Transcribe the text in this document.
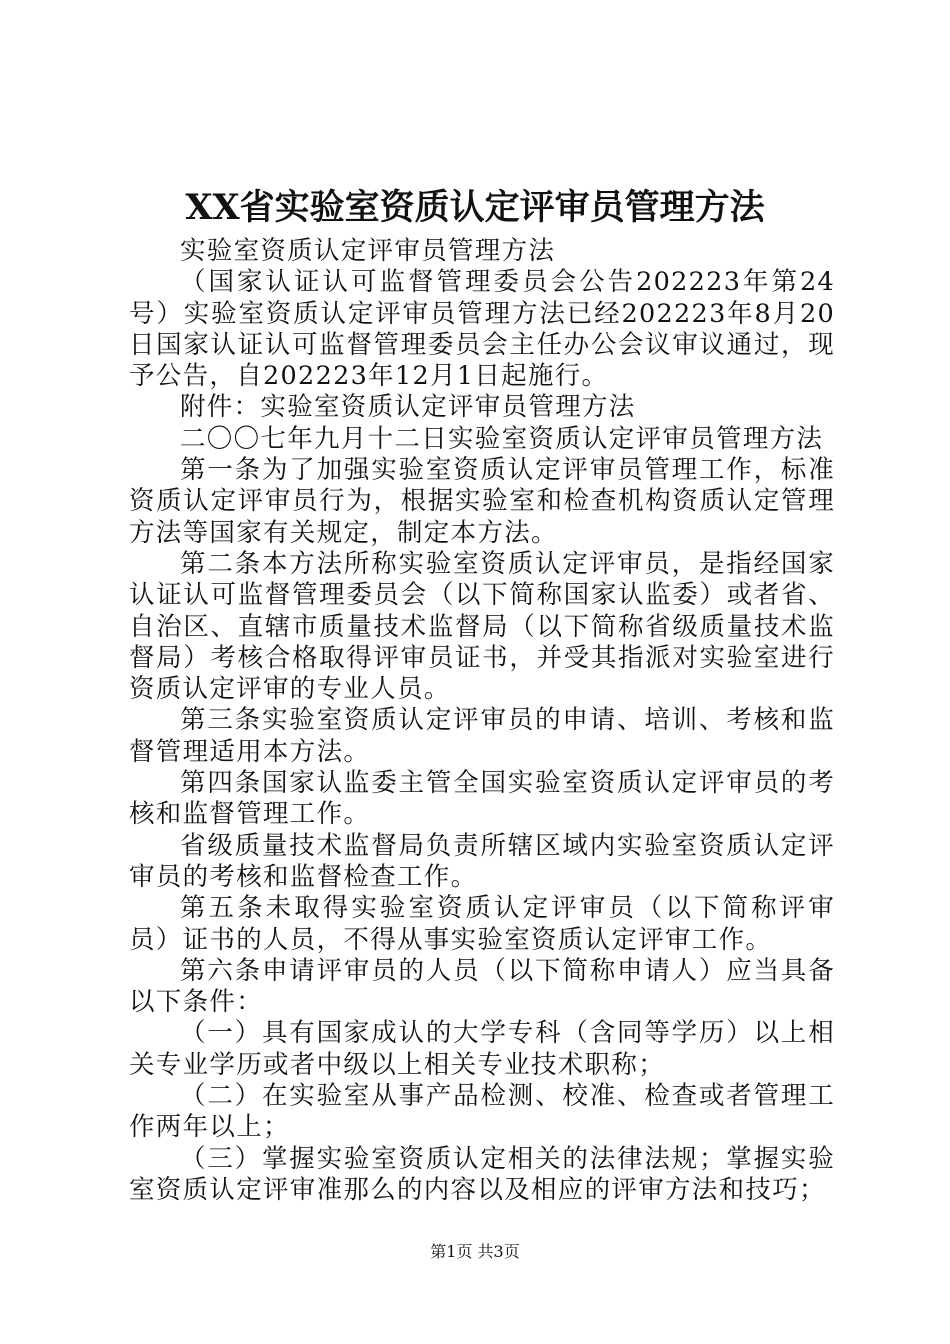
XX省实验室资质认定评审员管理方法

实验室资质认定评审员管理方法

（国家认证认可监督管理委员会公告202223年第24号）实验室资质认定评审员管理方法已经202223年8月20日国家认证认可监督管理委员会主任办公会议审议通过，现予公告，自202223年12月1日起施行。

附件：实验室资质认定评审员管理方法

二〇〇七年九月十二日实验室资质认定评审员管理方法

第一条为了加强实验室资质认定评审员管理工作，标准资质认定评审员行为，根据实验室和检查机构资质认定管理方法等国家有关规定，制定本方法。

第二条本方法所称实验室资质认定评审员，是指经国家认证认可监督管理委员会（以下简称国家认监委）或者省、自治区、直辖市质量技术监督局（以下简称省级质量技术监督局）考核合格取得评审员证书，并受其指派对实验室进行资质认定评审的专业人员。

第三条实验室资质认定评审员的申请、培训、考核和监督管理适用本方法。

第四条国家认监委主管全国实验室资质认定评审员的考核和监督管理工作。

省级质量技术监督局负责所辖区域内实验室资质认定评审员的考核和监督检查工作。

第五条未取得实验室资质认定评审员（以下简称评审员）证书的人员，不得从事实验室资质认定评审工作。

第六条申请评审员的人员（以下简称申请人）应当具备以下条件：

（一）具有国家成认的大学专科（含同等学历）以上相关专业学历或者中级以上相关专业技术职称；

（二）在实验室从事产品检测、校准、检查或者管理工作两年以上；

（三）掌握实验室资质认定相关的法律法规；掌握实验室资质认定评审准那么的内容以及相应的评审方法和技巧；

第1页 共3页
